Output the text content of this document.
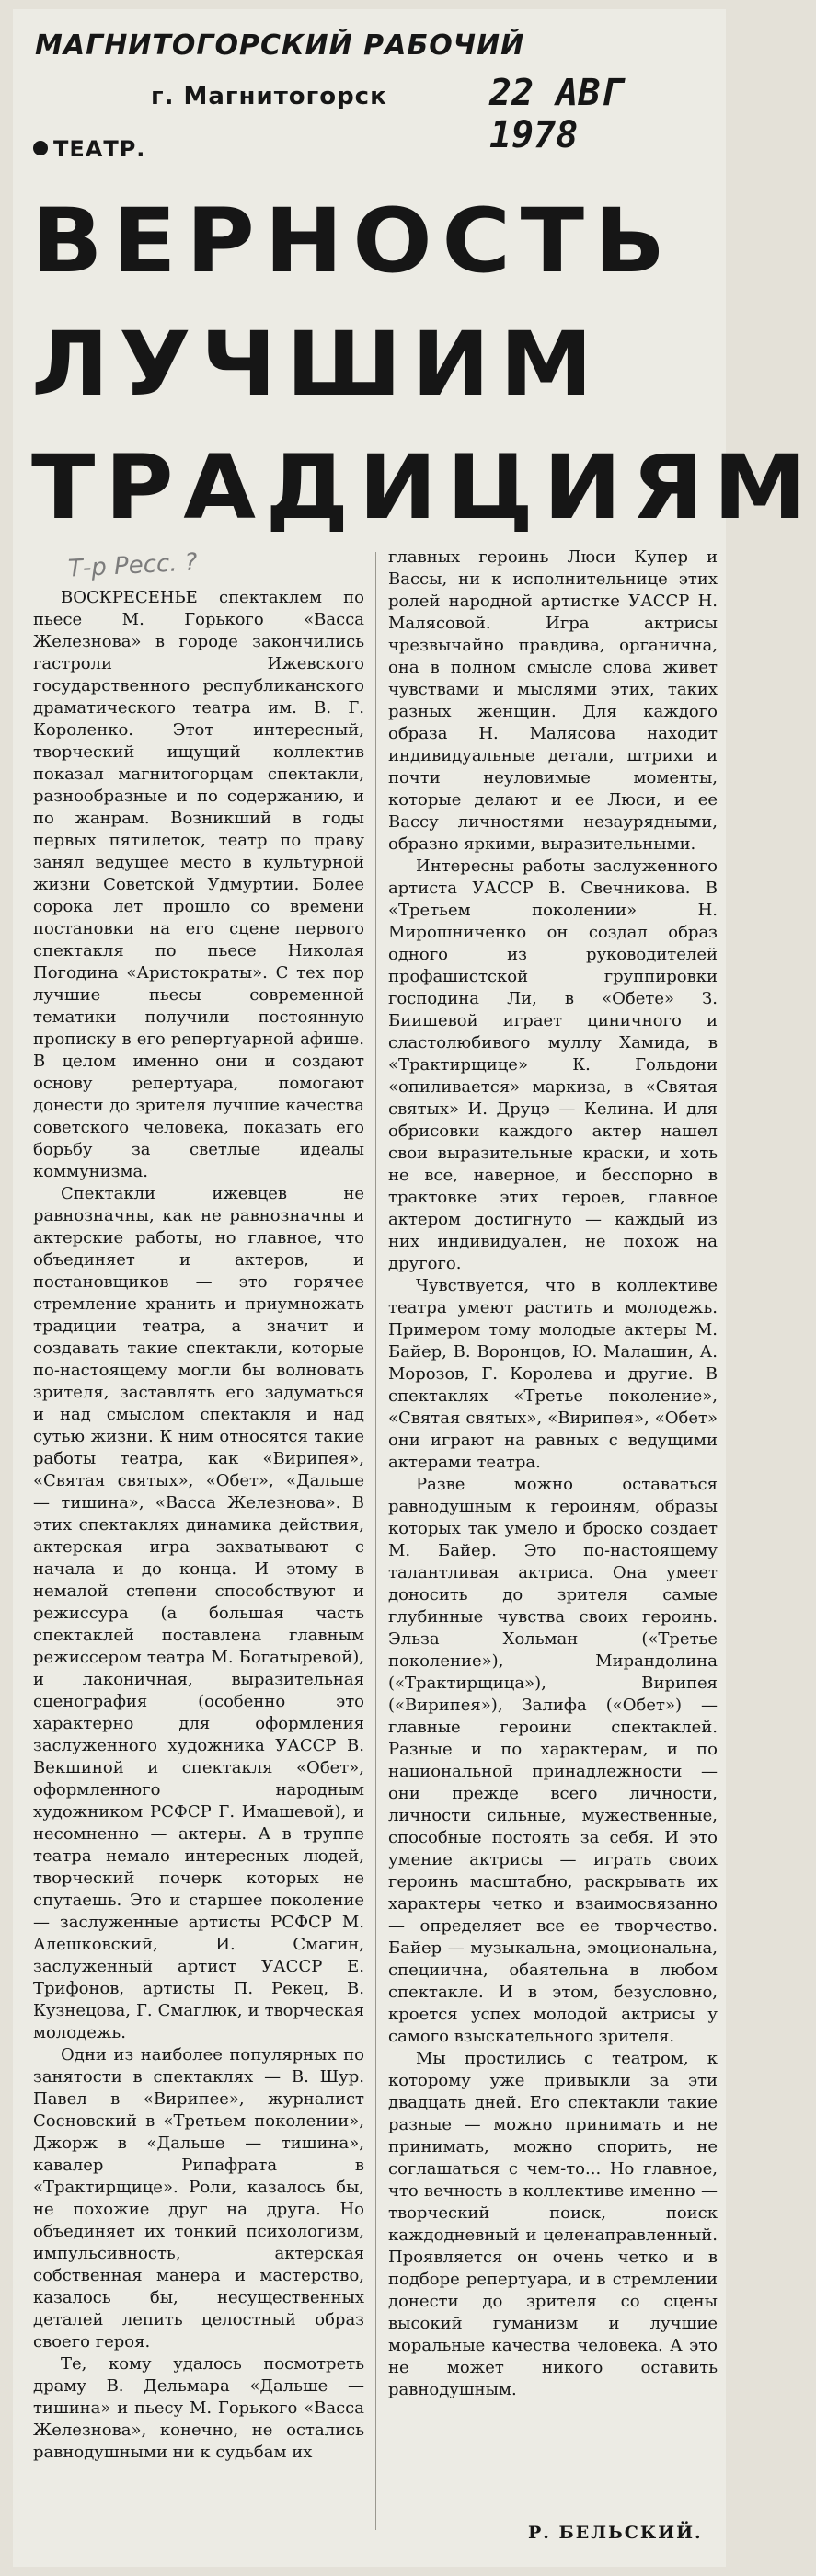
МАГНИТОГОРСКИЙ РАБОЧИЙ
г. Магнитогорск	22 АВГ 1978
ТЕАТР.
ВЕРНОСТЬ
ЛУЧШИМ
ТРАДИЦИЯМ
Т-р Ресс. ?

ВОСКРЕСЕНЬЕ спектаклем по пьесе М. Горького «Васса Железнова» в городе закончились гастроли Ижевского государственного республиканского драматического театра им. В. Г. Короленко. Этот интересный, творческий ищущий коллектив показал магнитогорцам спектакли, разнообразные и по содержанию, и по жанрам. Возникший в годы первых пятилеток, театр по праву занял ведущее место в культурной жизни Советской Удмуртии. Более сорока лет прошло со времени постановки на его сцене первого спектакля по пьесе Николая Погодина «Аристократы». С тех пор лучшие пьесы современной тематики получили постоянную прописку в его репертуарной афише. В целом именно они и создают основу репертуара, помогают донести до зрителя лучшие качества советского человека, показать его борьбу за светлые идеалы коммунизма.

Спектакли ижевцев не равнозначны, как не равнозначны и актерские работы, но главное, что объединяет и актеров, и постановщиков — это горячее стремление хранить и приумножать традиции театра, а значит и создавать такие спектакли, которые по-настоящему могли бы волновать зрителя, заставлять его задуматься и над смыслом спектакля и над сутью жизни. К ним относятся такие работы театра, как «Вирипея», «Святая святых», «Обет», «Дальше — тишина», «Васса Железнова». В этих спектаклях динамика действия, актерская игра захватывают с начала и до конца. И этому в немалой степени способствуют и режиссура (а большая часть спектаклей поставлена главным режиссером театра М. Богатыревой), и лаконичная, выразительная сценография (особенно это характерно для оформления заслуженного художника УАССР В. Векшиной и спектакля «Обет», оформленного народным художником РСФСР Г. Имашевой), и несомненно — актеры. А в труппе театра немало интересных людей, творческий почерк которых не спутаешь. Это и старшее поколение — заслуженные артисты РСФСР М. Алешковский, И. Смагин, заслуженный артист УАССР Е. Трифонов, артисты П. Рекец, В. Кузнецова, Г. Смаглюк, и творческая молодежь.

Одни из наиболее популярных по занятости в спектаклях — В. Шур. Павел в «Вирипее», журналист Сосновский в «Третьем поколении», Джорж в «Дальше — тишина», кавалер Рипафрата в «Трактирщице». Роли, казалось бы, не похожие друг на друга. Но объединяет их тонкий психологизм, импульсивность, актерская собственная манера и мастерство, казалось бы, несущественных деталей лепить целостный образ своего героя.

Те, кому удалось посмотреть драму В. Дельмара «Дальше — тишина» и пьесу М. Горького «Васса Железнова», конечно, не остались равнодушными ни к судьбам их

главных героинь Люси Купер и Вассы, ни к исполнительнице этих ролей народной артистке УАССР Н. Малясовой. Игра актрисы чрезвычайно правдива, органична, она в полном смысле слова живет чувствами и мыслями этих, таких разных женщин. Для каждого образа Н. Малясова находит индивидуальные детали, штрихи и почти неуловимые моменты, которые делают и ее Люси, и ее Вассу личностями незаурядными, образно яркими, выразительными.

Интересны работы заслуженного артиста УАССР В. Свечникова. В «Третьем поколении» Н. Мирошниченко он создал образ одного из руководителей профашистской группировки господина Ли, в «Обете» З. Биишевой играет циничного и сластолюбивого муллу Хамида, в «Трактирщице» К. Гольдони «опиливается» маркиза, в «Святая святых» И. Друцэ — Келина. И для обрисовки каждого актер нашел свои выразительные краски, и хоть не все, наверное, и бесспорно в трактовке этих героев, главное актером достигнуто — каждый из них индивидуален, не похож на другого.

Чувствуется, что в коллективе театра умеют растить и молодежь. Примером тому молодые актеры М. Байер, В. Воронцов, Ю. Малашин, А. Морозов, Г. Королева и другие. В спектаклях «Третье поколение», «Святая святых», «Вирипея», «Обет» они играют на равных с ведущими актерами театра.

Разве можно оставаться равнодушным к героиням, образы которых так умело и броско создает М. Байер. Это по-настоящему талантливая актриса. Она умеет доносить до зрителя самые глубинные чувства своих героинь. Эльза Хольман («Третье поколение»), Мирандолина («Трактирщица»), Вирипея («Вирипея»), Залифа («Обет») — главные героини спектаклей. Разные и по характерам, и по национальной принадлежности — они прежде всего личности, личности сильные, мужественные, способные постоять за себя. И это умение актрисы — играть своих героинь масштабно, раскрывать их характеры четко и взаимосвязанно — определяет все ее творчество. Байер — музыкальна, эмоциональна, специична, обаятельна в любом спектакле. И в этом, безусловно, кроется успех молодой актрисы у самого взыскательного зрителя.

Мы простились с театром, к которому уже привыкли за эти двадцать дней. Его спектакли такие разные — можно принимать и не принимать, можно спорить, не соглашаться с чем-то... Но главное, что вечность в коллективе именно — творческий поиск, поиск каждодневный и целенаправленный. Проявляется он очень четко и в подборе репертуара, и в стремлении донести до зрителя со сцены высокий гуманизм и лучшие моральные качества человека. А это не может никого оставить равнодушным.

Р. БЕЛЬСКИЙ.
